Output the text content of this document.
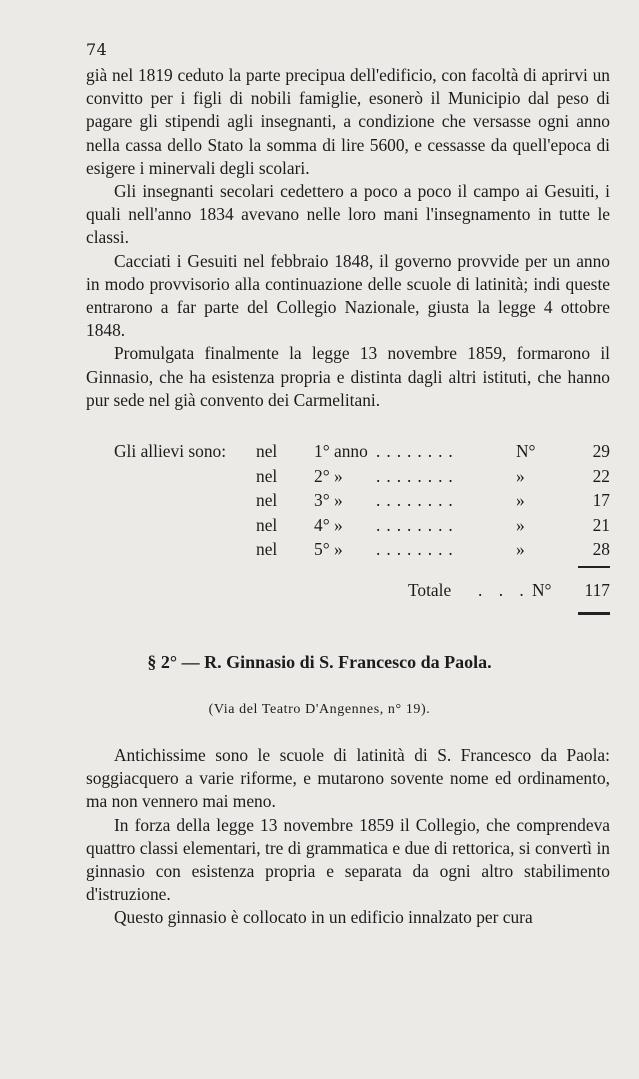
74

già nel 1819 ceduto la parte precipua dell'edificio, con facoltà di aprirvi un convitto per i figli di nobili famiglie, esonerò il Municipio dal peso di pagare gli stipendi agli insegnanti, a condizione che versasse ogni anno nella cassa dello Stato la somma di lire 5600, e cessasse da quell'epoca di esigere i minervali degli scolari.

Gli insegnanti secolari cedettero a poco a poco il campo ai Gesuiti, i quali nell'anno 1834 avevano nelle loro mani l'insegnamento in tutte le classi.

Cacciati i Gesuiti nel febbraio 1848, il governo provvide per un anno in modo provvisorio alla continuazione delle scuole di latinità; indi queste entrarono a far parte del Collegio Nazionale, giusta la legge 4 ottobre 1848.

Promulgata finalmente la legge 13 novembre 1859, formarono il Ginnasio, che ha esistenza propria e distinta dagli altri istituti, che hanno pur sede nel già convento dei Carmelitani.

Gli allievi sono: nel 1° anno ........	N°	29
nel 2° » ........	»	22
nel 3° » ........	»	17
nel 4° » ........	»	21
nel 5° » ........	»	28
Totale . . . N° 117
§ 2° — R. Ginnasio di S. Francesco da Paola.
(Via del Teatro D'Angennes, n° 19).

Antichissime sono le scuole di latinità di S. Francesco da Paola: soggiacquero a varie riforme, e mutarono sovente nome ed ordinamento, ma non vennero mai meno.

In forza della legge 13 novembre 1859 il Collegio, che comprendeva quattro classi elementari, tre di grammatica e due di rettorica, si convertì in ginnasio con esistenza propria e separata da ogni altro stabilimento d'istruzione.

Questo ginnasio è collocato in un edificio innalzato per cura
